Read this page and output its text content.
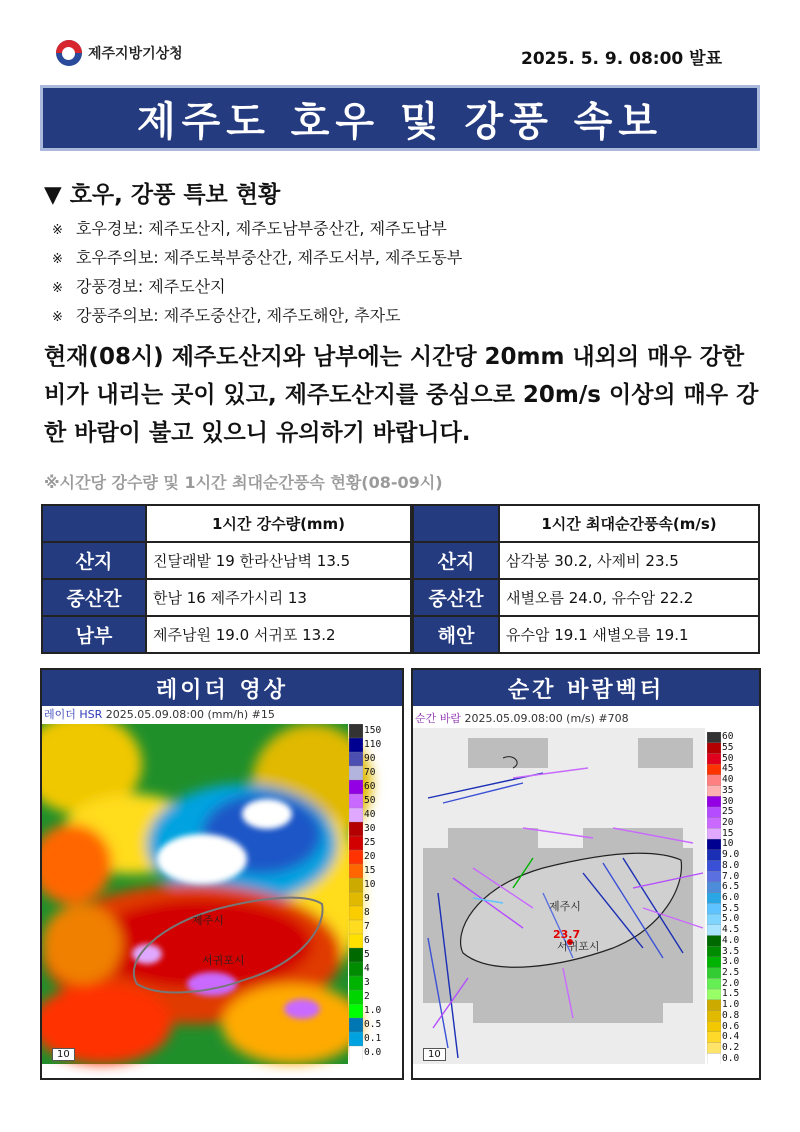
제주지방기상청	2025. 5. 9. 08:00 발표
제주도 호우 및 강풍 속보
▼ 호우, 강풍 특보 현황
※ 호우경보: 제주도산지, 제주도남부중산간, 제주도남부
※ 호우주의보: 제주도북부중산간, 제주도서부, 제주도동부
※ 강풍경보: 제주도산지
※ 강풍주의보: 제주도중산간, 제주도해안, 추자도
현재(08시) 제주도산지와 남부에는 시간당 20mm 내외의 매우 강한 비가 내리는 곳이 있고, 제주도산지를 중심으로 20m/s 이상의 매우 강한 바람이 불고 있으니 유의하기 바랍니다.
※시간당 강수량 및 1시간 최대순간풍속 현황(08-09시)
	1시간 강수량(mm)
산지	진달래밭 19 한라산남벽 13.5
중산간	한남 16 제주가시리 13
남부	제주남원 19.0 서귀포 13.2
	1시간 최대순간풍속(m/s)
산지	삼각봉 30.2, 사제비 23.5
중산간	새별오름 24.0, 유수암 22.2
해안	유수암 19.1 새별오름 19.1
레이더 영상
레이더 HSR 2025.05.09.08:00 (mm/h) #15
150
110
90
70
60
50
40
30
25
20
15
10
9
8
7
6
5
4
3
2
1.0
0.5
0.1
0.0
제주시
서귀포시
10
순간 바람벡터
순간 바람 2025.05.09.08:00 (m/s) #708
60
55
50
45
40
35
30
25
20
15
10
9.0
8.0
7.0
6.5
6.0
5.5
5.0
4.5
4.0
3.5
3.0
2.5
2.0
1.5
1.0
0.8
0.6
0.4
0.2
0.0
제주시
서귀포시
23.7
10
